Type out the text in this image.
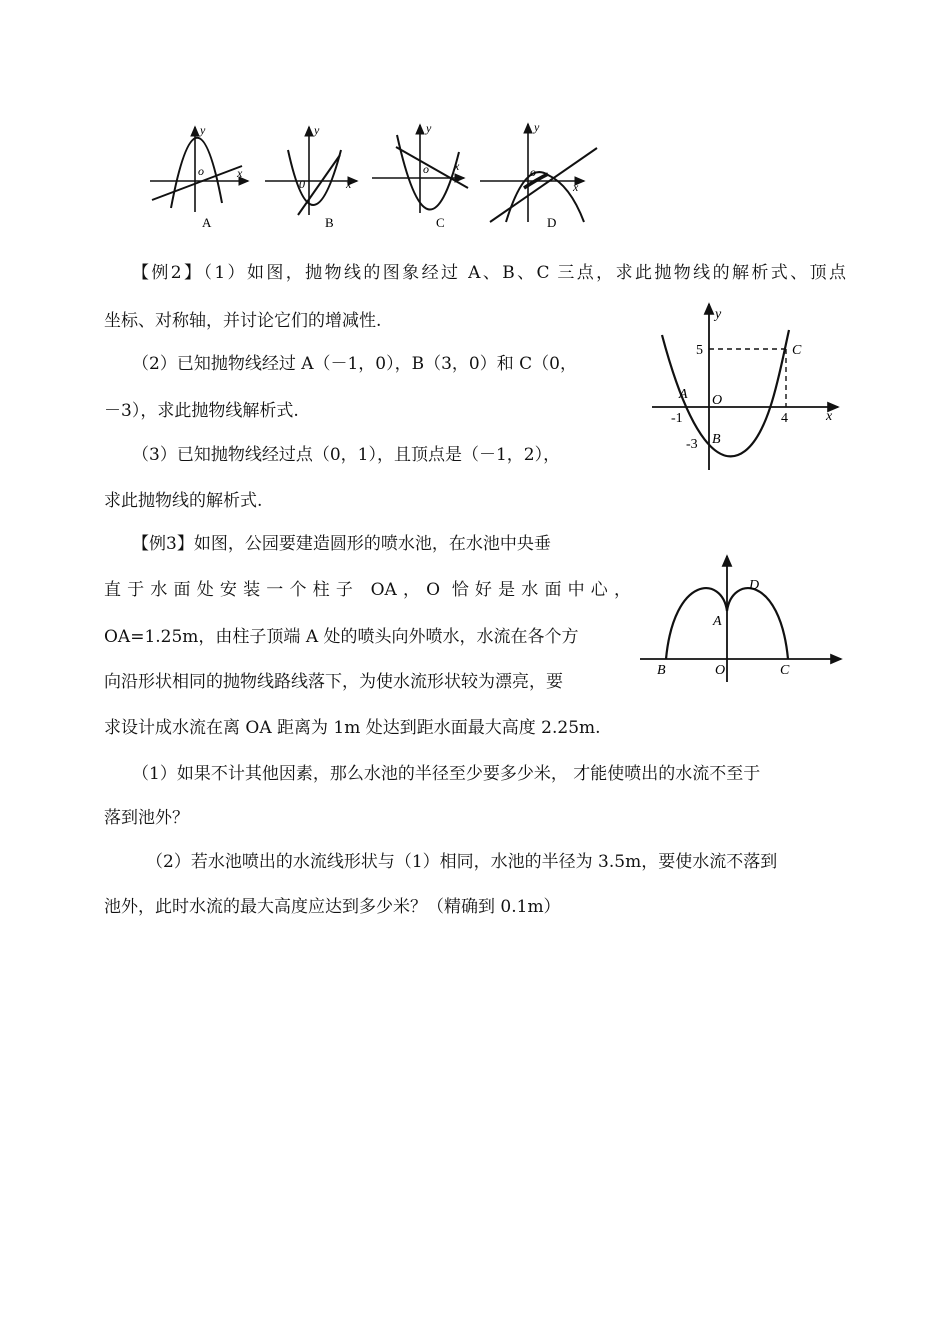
y
x
o
A
y
x
0
B
y
x
o
C
y
x
o
D
【例2】（1）如图，抛物线的图象经过 A、B、C 三点，求此抛物线的解析式、顶点
坐标、对称轴，并讨论它们的增减性.
（2）已知抛物线经过 A（－1，0），B（3，0）和 C（0，
－3），求此抛物线解析式.
（3）已知抛物线经过点（0，1），且顶点是（－1，2），
求此抛物线的解析式.
y
x
O
5	C
A
-1	4
-3 B
【例3】如图，公园要建造圆形的喷水池，在水池中央垂
直于水面处安装一个柱子 OA，O 恰好是水面中心，
OA=1.25m，由柱子顶端 A 处的喷头向外喷水，水流在各个方
向沿形状相同的抛物线路线落下，为使水流形状较为漂亮，要
求设计成水流在离 OA 距离为 1m 处达到距水面最大高度 2.25m.
（1）如果不计其他因素，那么水池的半径至少要多少米， 才能使喷出的水流不至于
落到池外？
（2）若水池喷出的水流线形状与（1）相同，水池的半径为 3.5m，要使水流不落到
池外，此时水流的最大高度应达到多少米？（精确到 0.1m）
D
A
B	O	C
